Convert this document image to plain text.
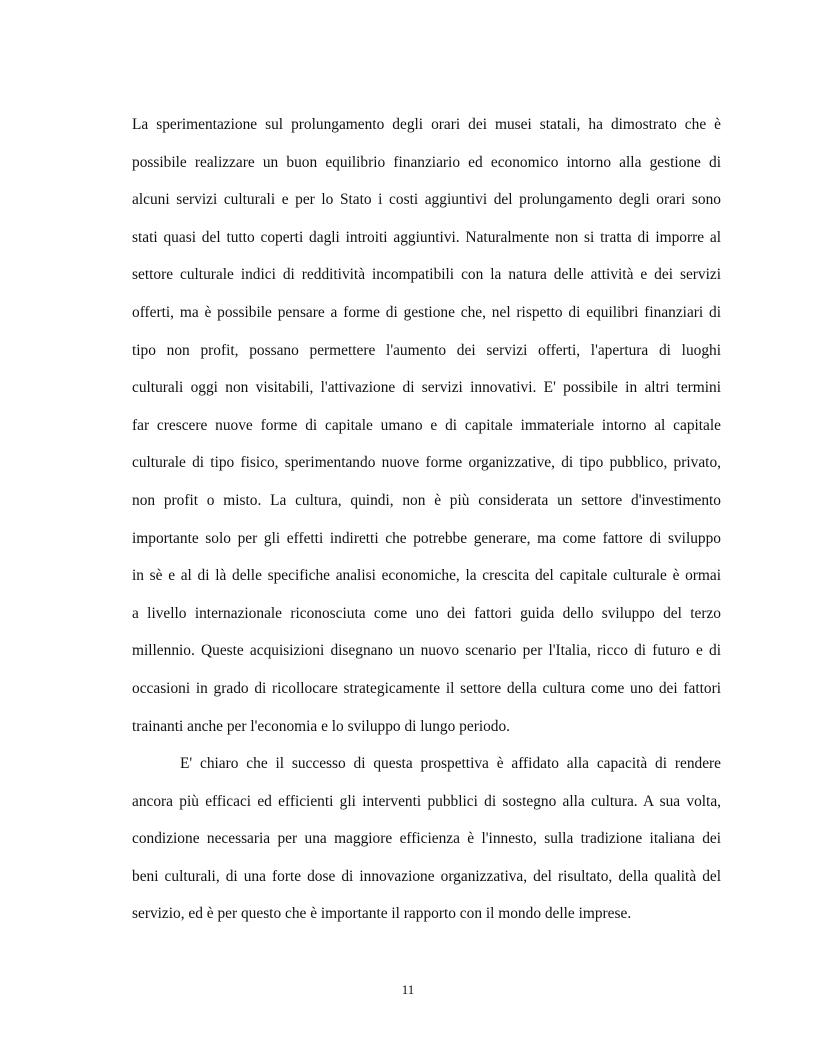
La sperimentazione sul prolungamento degli orari dei musei statali, ha dimostrato che è
possibile realizzare un buon equilibrio finanziario ed economico intorno alla gestione di
alcuni servizi culturali e per lo Stato i costi aggiuntivi del prolungamento degli orari sono
stati quasi del tutto coperti dagli introiti aggiuntivi. Naturalmente non si tratta di imporre al
settore culturale indici di redditività incompatibili con la natura delle attività e dei servizi
offerti, ma è possibile pensare a forme di gestione che, nel rispetto di equilibri finanziari di
tipo non profit, possano permettere l'aumento dei servizi offerti, l'apertura di luoghi
culturali oggi non visitabili, l'attivazione di servizi innovativi. E' possibile in altri termini
far crescere nuove forme di capitale umano e di capitale immateriale intorno al capitale
culturale di tipo fisico, sperimentando nuove forme organizzative, di tipo pubblico, privato,
non profit o misto. La cultura, quindi, non è più considerata un settore d'investimento
importante solo per gli effetti indiretti che potrebbe generare, ma come fattore di sviluppo
in sè e al di là delle specifiche analisi economiche, la crescita del capitale culturale è ormai
a livello internazionale riconosciuta come uno dei fattori guida dello sviluppo del terzo
millennio. Queste acquisizioni disegnano un nuovo scenario per l'Italia, ricco di futuro e di
occasioni in grado di ricollocare strategicamente il settore della cultura come uno dei fattori
trainanti anche per l'economia e lo sviluppo di lungo periodo.
E' chiaro che il successo di questa prospettiva è affidato alla capacità di rendere
ancora più efficaci ed efficienti gli interventi pubblici di sostegno alla cultura. A sua volta,
condizione necessaria per una maggiore efficienza è l'innesto, sulla tradizione italiana dei
beni culturali, di una forte dose di innovazione organizzativa, del risultato, della qualità del
servizio, ed è per questo che è importante il rapporto con il mondo delle imprese.
11
